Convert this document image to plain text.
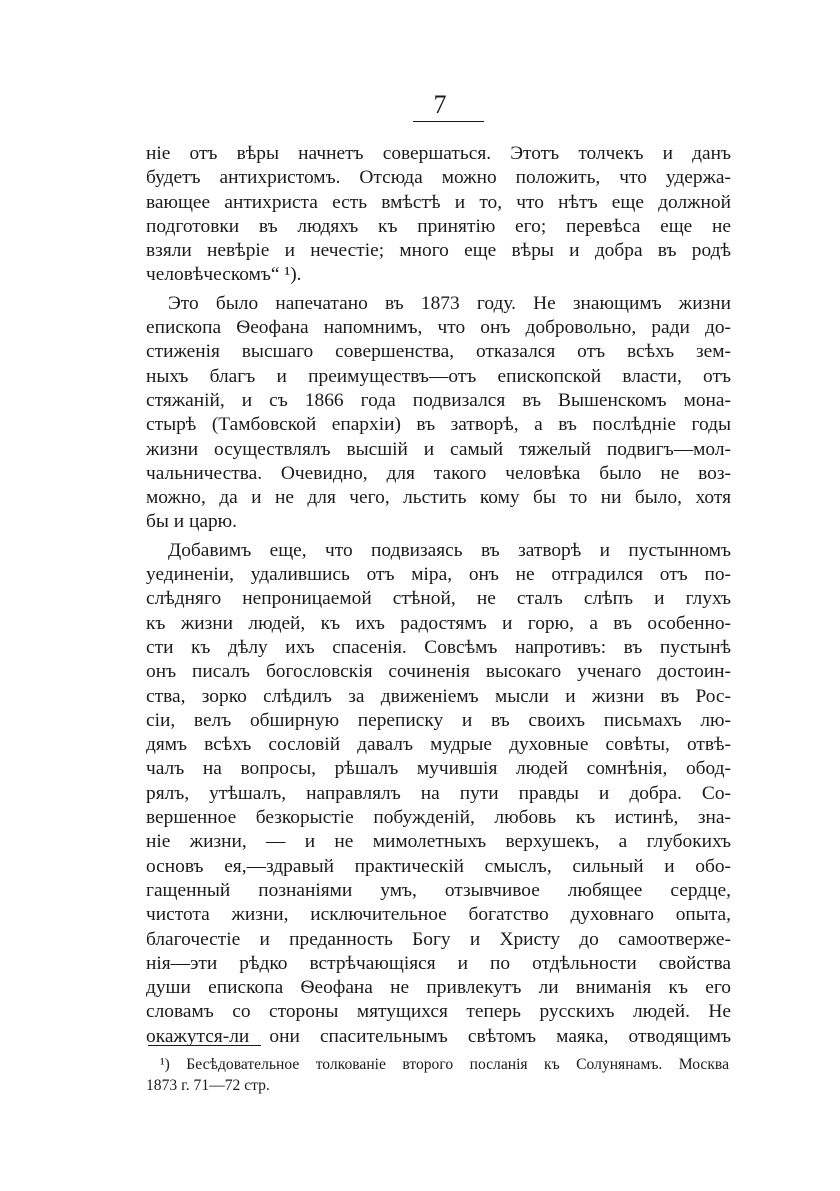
7
ніе отъ вѣры начнетъ совершаться. Этотъ толчекъ и данъ
будетъ антихристомъ. Отсюда можно положить, что удержа-
вающее антихриста есть вмѣстѣ и то, что нѣтъ еще должной
подготовки въ людяхъ къ принятію его; перевѣса еще не
взяли невѣріе и нечестіе; много еще вѣры и добра въ родѣ
человѣческомъ“ ¹).
Это было напечатано въ 1873 году. Не знающимъ жизни
епископа Ѳеофана напомнимъ, что онъ добровольно, ради до-
стиженія высшаго совершенства, отказался отъ всѣхъ зем-
ныхъ благъ и преимуществъ—отъ епископской власти, отъ
стяжаній, и съ 1866 года подвизался въ Вышенскомъ мона-
стырѣ (Тамбовской епархіи) въ затворѣ, а въ послѣдніе годы
жизни осуществлялъ высшій и самый тяжелый подвигъ—мол-
чальничества. Очевидно, для такого человѣка было не воз-
можно, да и не для чего, льстить кому бы то ни было, хотя
бы и царю.
Добавимъ еще, что подвизаясь въ затворѣ и пустынномъ
уединеніи, удалившись отъ міра, онъ не отградился отъ по-
слѣдняго непроницаемой стѣной, не сталъ слѣпъ и глухъ
къ жизни людей, къ ихъ радостямъ и горю, а въ особенно-
сти къ дѣлу ихъ спасенія. Совсѣмъ напротивъ: въ пустынѣ
онъ писалъ богословскія сочиненія высокаго ученаго достоин-
ства, зорко слѣдилъ за движеніемъ мысли и жизни въ Рос-
сіи, велъ обширную переписку и въ своихъ письмахъ лю-
дямъ всѣхъ сословій давалъ мудрые духовные совѣты, отвѣ-
чалъ на вопросы, рѣшалъ мучившія людей сомнѣнія, обод-
рялъ, утѣшалъ, направлялъ на пути правды и добра. Со-
вершенное безкорыстіе побужденій, любовь къ истинѣ, зна-
ніе жизни, — и не мимолетныхъ верхушекъ, а глубокихъ
основъ ея,—здравый практическій смыслъ, сильный и обо-
гащенный познаніями умъ, отзывчивое любящее сердце,
чистота жизни, исключительное богатство духовнаго опыта,
благочестіе и преданность Богу и Христу до самоотверже-
нія—эти рѣдко встрѣчающіяся и по отдѣльности свойства
души епископа Ѳеофана не привлекутъ ли вниманія къ его
словамъ со стороны мятущихся теперь русскихъ людей. Не
окажутся-ли они спасительнымъ свѣтомъ маяка, отводящимъ
¹) Бесѣдовательное толкованіе второго посланія къ Солунянамъ. Москва
1873 г. 71—72 стр.
